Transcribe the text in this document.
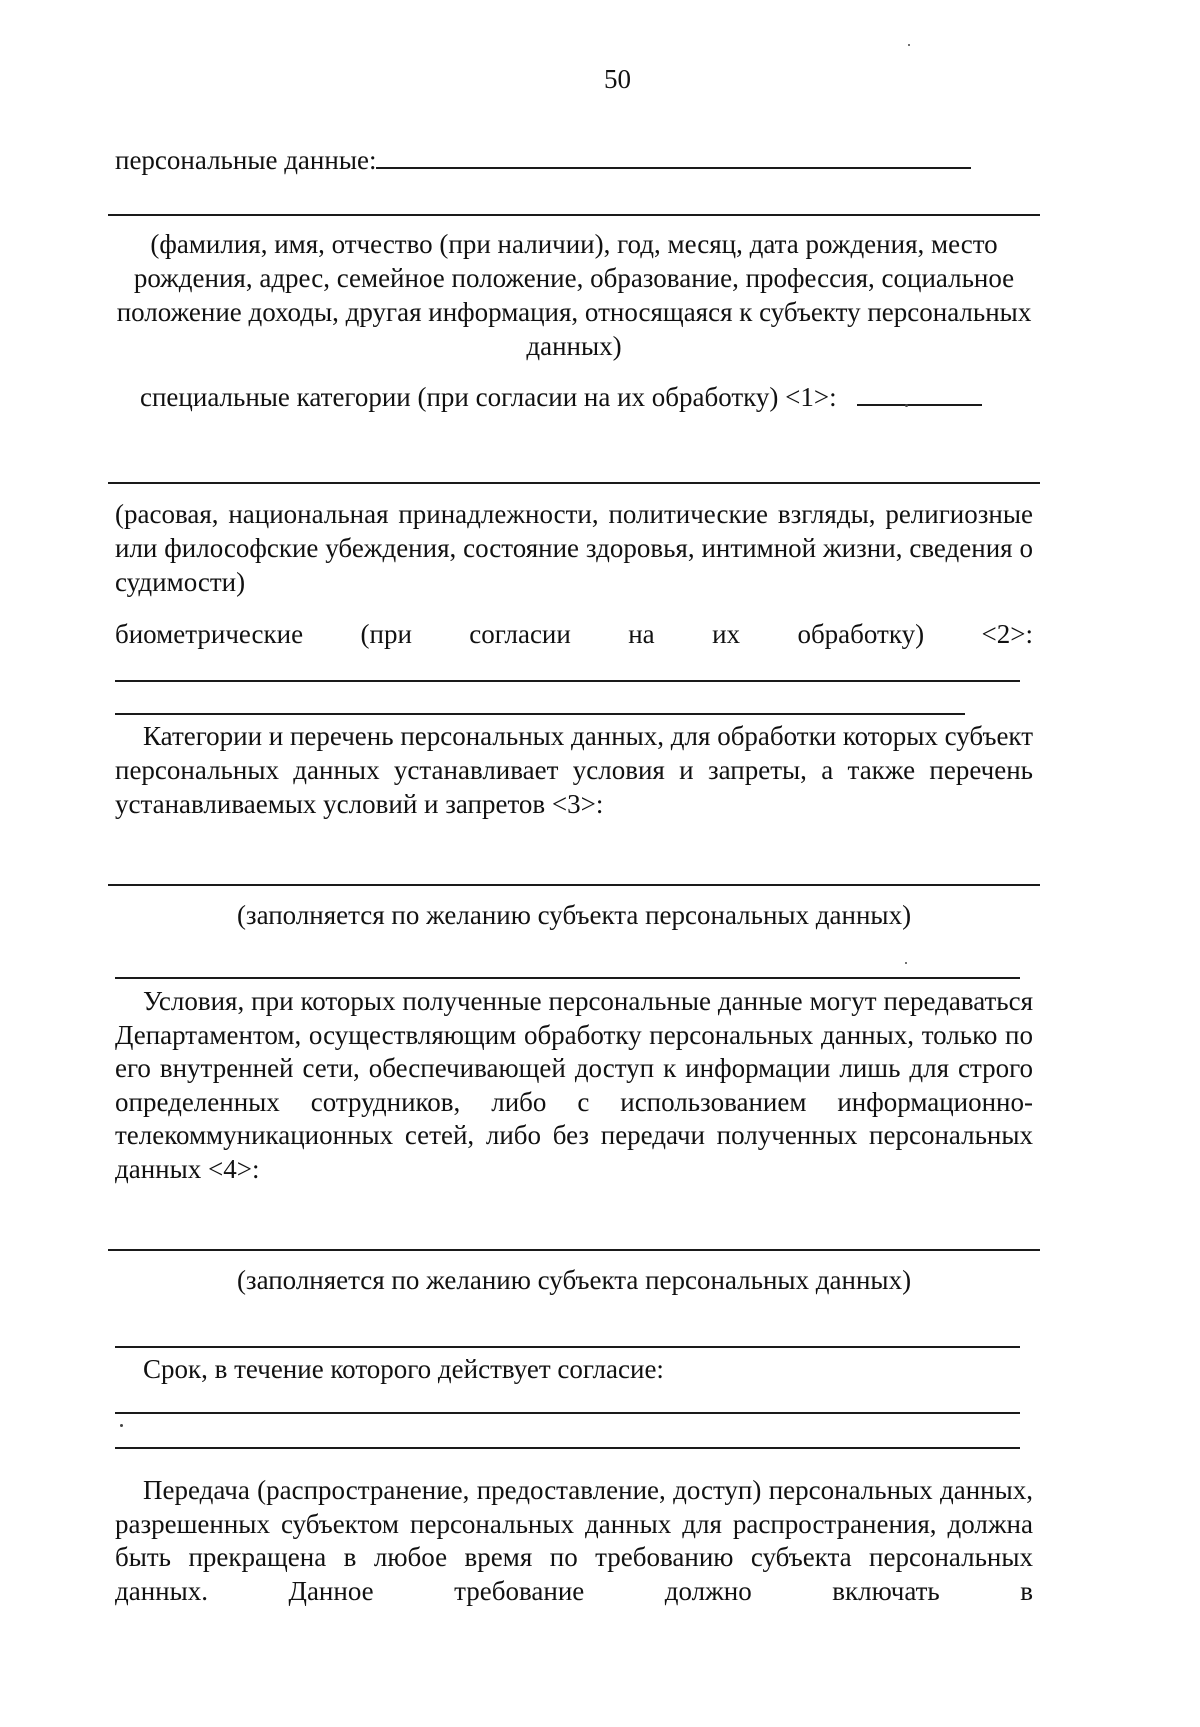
50
персональные данные:
(фамилия, имя, отчество (при наличии), год, месяц, дата рождения, место рождения, адрес, семейное положение, образование, профессия, социальное положение доходы, другая информация, относящаяся к субъекту персональных данных)
специальные категории (при согласии на их обработку) <1>:
(расовая, национальная принадлежности, политические взгляды, религиозные или философские убеждения, состояние здоровья, интимной жизни, сведения о судимости)
биометрические (при согласии на их обработку) <2>:
Категории и перечень персональных данных, для обработки которых субъект персональных данных устанавливает условия и запреты, а также перечень устанавливаемых условий и запретов <3>:
(заполняется по желанию субъекта персональных данных)
Условия, при которых полученные персональные данные могут передаваться Департаментом, осуществляющим обработку персональных данных, только по его внутренней сети, обеспечивающей доступ к информации лишь для строго определенных сотрудников, либо с использованием информационно-телекоммуникационных сетей, либо без передачи полученных персональных данных <4>:
(заполняется по желанию субъекта персональных данных)
Срок, в течение которого действует согласие:
Передача (распространение, предоставление, доступ) персональных данных, разрешенных субъектом персональных данных для распространения, должна быть прекращена в любое время по требованию субъекта персональных данных. Данное требование должно включать в
